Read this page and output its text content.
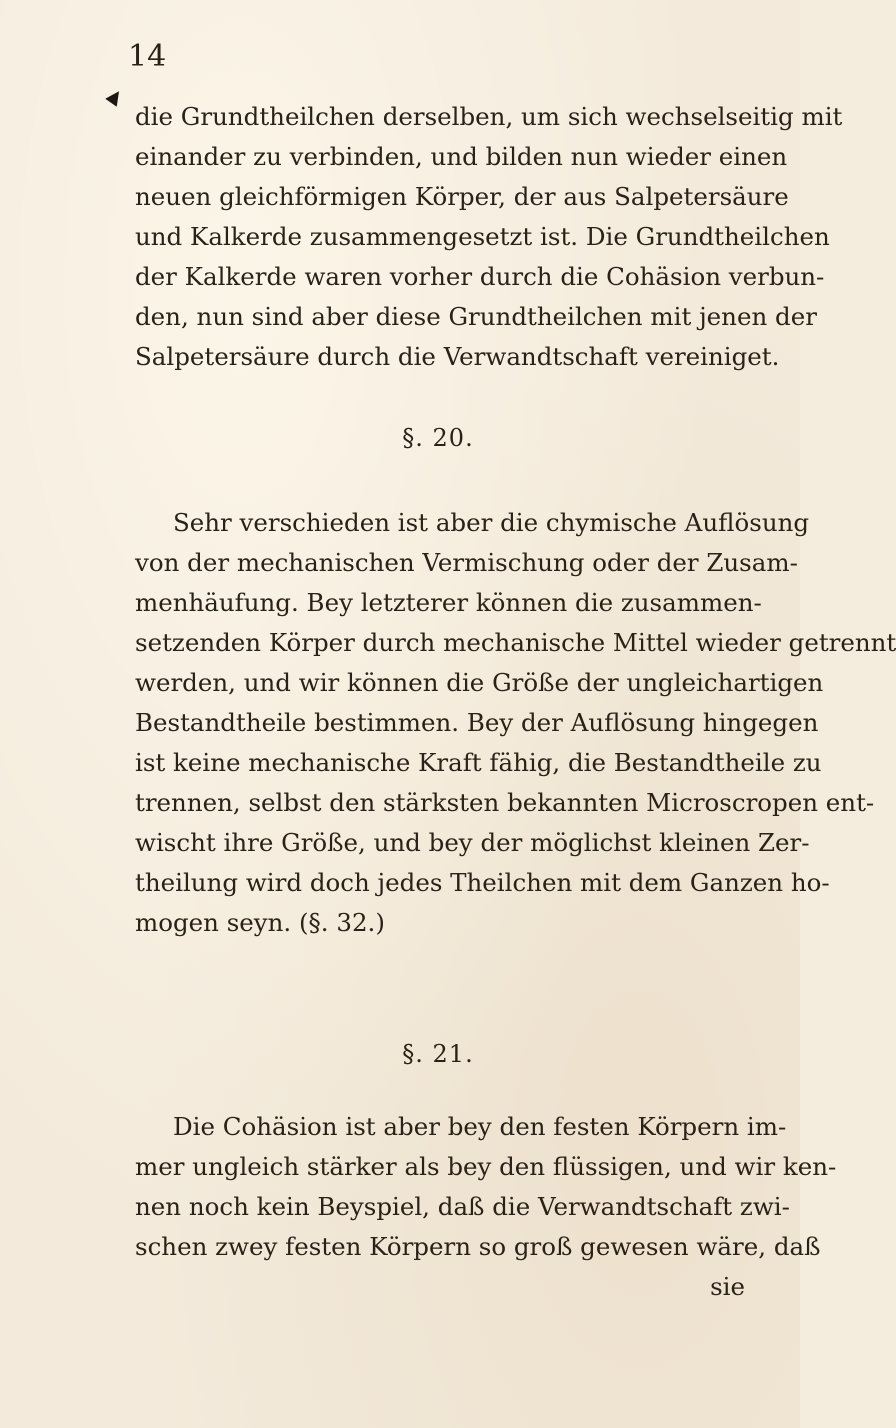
14
die Grundtheilchen derselben, um sich wechselseitig mit
einander zu verbinden, und bilden nun wieder einen
neuen gleichförmigen Körper, der aus Salpetersäure
und Kalkerde zusammengesetzt ist. Die Grundtheilchen
der Kalkerde waren vorher durch die Cohäsion verbun-
den, nun sind aber diese Grundtheilchen mit jenen der
Salpetersäure durch die Verwandtschaft vereiniget.
§. 20.
Sehr verschieden ist aber die chymische Auflösung
von der mechanischen Vermischung oder der Zusam-
menhäufung. Bey letzterer können die zusammen-
setzenden Körper durch mechanische Mittel wieder getrennt
werden, und wir können die Größe der ungleichartigen
Bestandtheile bestimmen. Bey der Auflösung hingegen
ist keine mechanische Kraft fähig, die Bestandtheile zu
trennen, selbst den stärksten bekannten Microscropen ent-
wischt ihre Größe, und bey der möglichst kleinen Zer-
theilung wird doch jedes Theilchen mit dem Ganzen ho-
mogen seyn. (§. 32.)
§. 21.
Die Cohäsion ist aber bey den festen Körpern im-
mer ungleich stärker als bey den flüssigen, und wir ken-
nen noch kein Beyspiel, daß die Verwandtschaft zwi-
schen zwey festen Körpern so groß gewesen wäre, daß
sie
